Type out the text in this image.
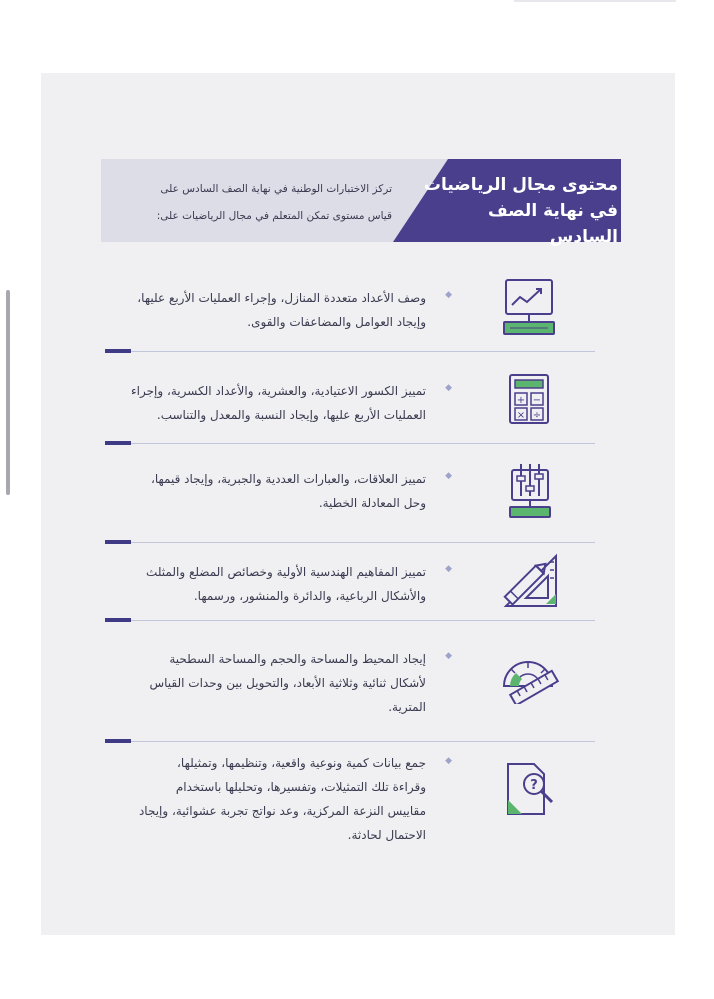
محتوى مجال الرياضيات
في نهاية الصف السادس

تركز الاختبارات الوطنية في نهاية الصف السادس على
قياس مستوى تمكن المتعلم في مجال الرياضيات على:

◆

وصف الأعداد متعددة المنازل، وإجراء العمليات الأربع عليها،
وإيجاد العوامل والمضاعفات والقوى.

+ −
× ÷
◆

تمييز الكسور الاعتيادية، والعشرية، والأعداد الكسرية، وإجراء
العمليات الأربع عليها، وإيجاد النسبة والمعدل والتناسب.

◆

تمييز العلاقات، والعبارات العددية والجبرية، وإيجاد قيمها،
وحل المعادلة الخطية.

◆

تمييز المفاهيم الهندسية الأولية وخصائص المضلع والمثلث
والأشكال الرباعية، والدائرة والمنشور، ورسمها.

◆

إيجاد المحيط والمساحة والحجم والمساحة السطحية
لأشكال ثنائية وثلاثية الأبعاد، والتحويل بين وحدات القياس
المترية.

?
◆

جمع بيانات كمية ونوعية واقعية، وتنظيمها، وتمثيلها،
وقراءة تلك التمثيلات، وتفسيرها، وتحليلها باستخدام
مقاييس النزعة المركزية، وعد نواتج تجربة عشوائية، وإيجاد
الاحتمال لحادثة.
